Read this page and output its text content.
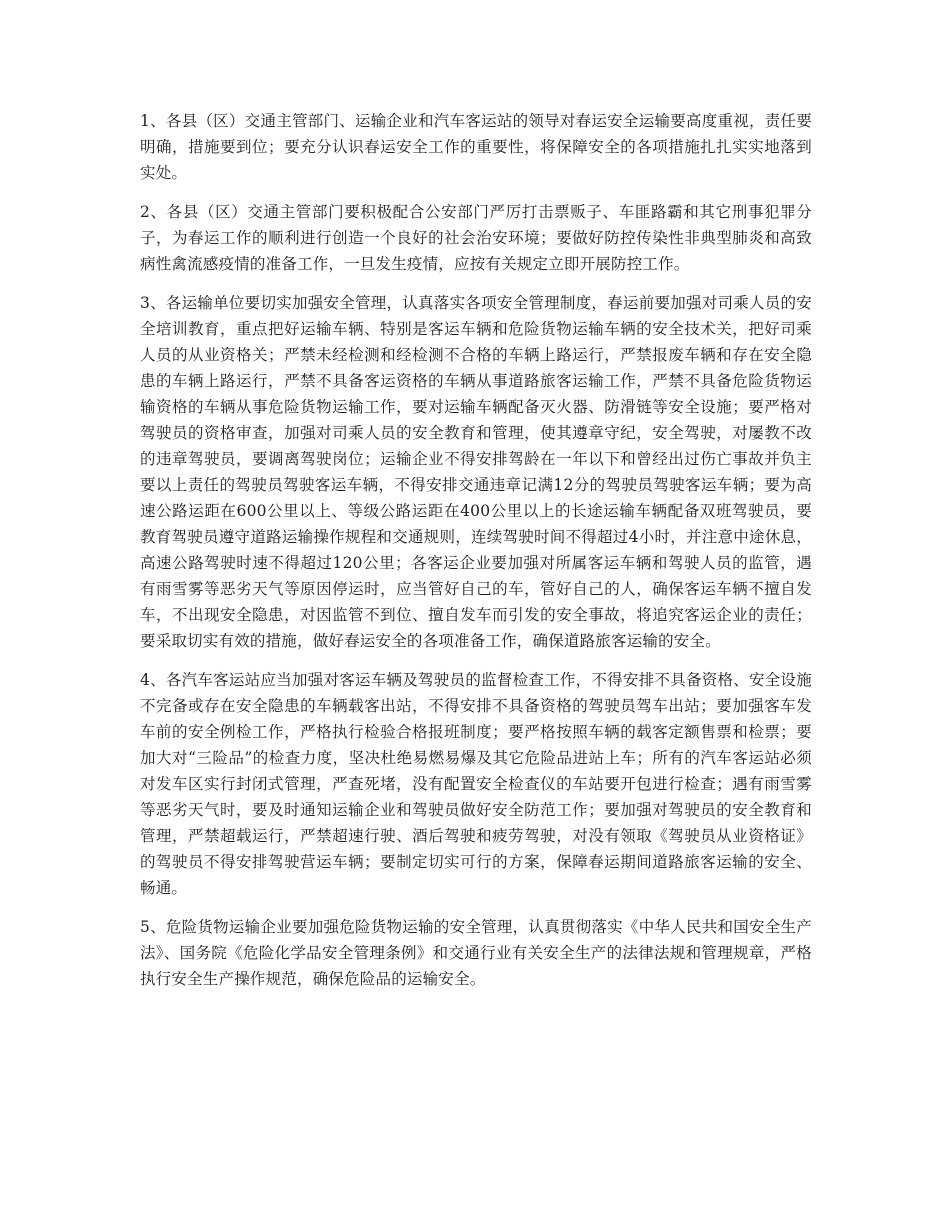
1、各县（区）交通主管部门、运输企业和汽车客运站的领导对春运安全运输要高度重视，责任要明确，措施要到位；要充分认识春运安全工作的重要性，将保障安全的各项措施扎扎实实地落到实处。

2、各县（区）交通主管部门要积极配合公安部门严厉打击票贩子、车匪路霸和其它刑事犯罪分子，为春运工作的顺利进行创造一个良好的社会治安环境；要做好防控传染性非典型肺炎和高致病性禽流感疫情的准备工作，一旦发生疫情，应按有关规定立即开展防控工作。

3、各运输单位要切实加强安全管理，认真落实各项安全管理制度，春运前要加强对司乘人员的安全培训教育，重点把好运输车辆、特别是客运车辆和危险货物运输车辆的安全技术关，把好司乘人员的从业资格关；严禁未经检测和经检测不合格的车辆上路运行，严禁报废车辆和存在安全隐患的车辆上路运行，严禁不具备客运资格的车辆从事道路旅客运输工作，严禁不具备危险货物运输资格的车辆从事危险货物运输工作，要对运输车辆配备灭火器、防滑链等安全设施；要严格对驾驶员的资格审查，加强对司乘人员的安全教育和管理，使其遵章守纪，安全驾驶，对屡教不改的违章驾驶员，要调离驾驶岗位；运输企业不得安排驾龄在一年以下和曾经出过伤亡事故并负主要以上责任的驾驶员驾驶客运车辆，不得安排交通违章记满12分的驾驶员驾驶客运车辆；要为高速公路运距在600公里以上、等级公路运距在400公里以上的长途运输车辆配备双班驾驶员，要教育驾驶员遵守道路运输操作规程和交通规则，连续驾驶时间不得超过4小时，并注意中途休息，高速公路驾驶时速不得超过120公里；各客运企业要加强对所属客运车辆和驾驶人员的监管，遇有雨雪雾等恶劣天气等原因停运时，应当管好自己的车，管好自己的人，确保客运车辆不擅自发车，不出现安全隐患，对因监管不到位、擅自发车而引发的安全事故，将追究客运企业的责任；要采取切实有效的措施，做好春运安全的各项准备工作，确保道路旅客运输的安全。

4、各汽车客运站应当加强对客运车辆及驾驶员的监督检查工作，不得安排不具备资格、安全设施不完备或存在安全隐患的车辆载客出站，不得安排不具备资格的驾驶员驾车出站；要加强客车发车前的安全例检工作，严格执行检验合格报班制度；要严格按照车辆的载客定额售票和检票；要加大对“三险品”的检查力度，坚决杜绝易燃易爆及其它危险品进站上车；所有的汽车客运站必须对发车区实行封闭式管理，严查死堵，没有配置安全检查仪的车站要开包进行检查；遇有雨雪雾等恶劣天气时，要及时通知运输企业和驾驶员做好安全防范工作；要加强对驾驶员的安全教育和管理，严禁超载运行，严禁超速行驶、酒后驾驶和疲劳驾驶，对没有领取《驾驶员从业资格证》的驾驶员不得安排驾驶营运车辆；要制定切实可行的方案，保障春运期间道路旅客运输的安全、畅通。

5、危险货物运输企业要加强危险货物运输的安全管理，认真贯彻落实《中华人民共和国安全生产法》、国务院《危险化学品安全管理条例》和交通行业有关安全生产的法律法规和管理规章，严格执行安全生产操作规范，确保危险品的运输安全。
